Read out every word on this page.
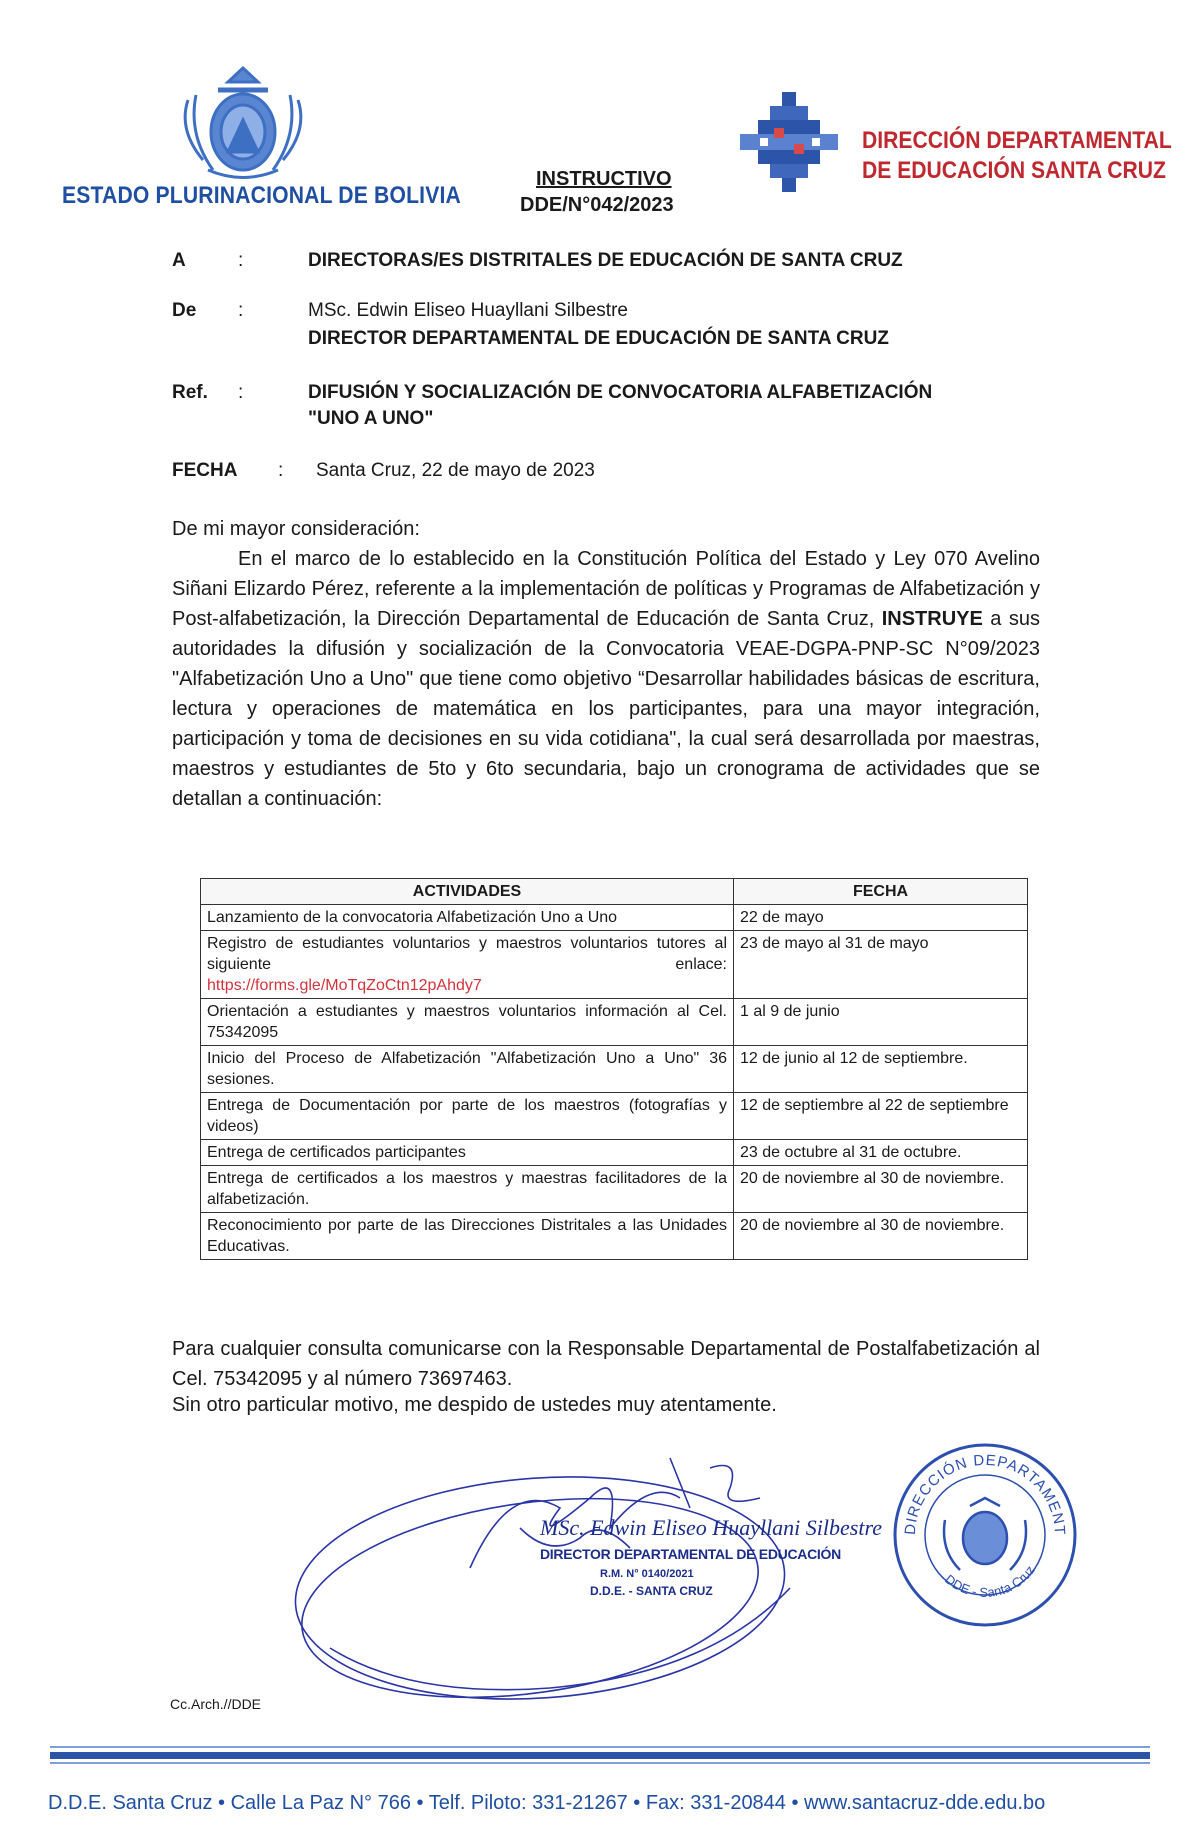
ESTADO PLURINACIONAL DE BOLIVIA
INSTRUCTIVO
DDE/N°042/2023
DIRECCIÓN DEPARTAMENTAL
DE EDUCACIÓN SANTA CRUZ
A	:	DIRECTORAS/ES DISTRITALES DE EDUCACIÓN DE SANTA CRUZ
De :	MSc. Edwin Eliseo Huayllani Silbestre
DIRECTOR DEPARTAMENTAL DE EDUCACIÓN DE SANTA CRUZ
Ref. :	DIFUSIÓN Y SOCIALIZACIÓN DE CONVOCATORIA ALFABETIZACIÓN
"UNO A UNO"
FECHA : Santa Cruz, 22 de mayo de 2023
De mi mayor consideración:
En el marco de lo establecido en la Constitución Política del Estado y Ley 070 Avelino Siñani Elizardo Pérez, referente a la implementación de políticas y Programas de Alfabetización y Post-alfabetización, la Dirección Departamental de Educación de Santa Cruz, INSTRUYE a sus autoridades la difusión y socialización de la Convocatoria VEAE-DGPA-PNP-SC N°09/2023 "Alfabetización Uno a Uno" que tiene como objetivo “Desarrollar habilidades básicas de escritura, lectura y operaciones de matemática en los participantes, para una mayor integración, participación y toma de decisiones en su vida cotidiana", la cual será desarrollada por maestras, maestros y estudiantes de 5to y 6to secundaria, bajo un cronograma de actividades que se detallan a continuación:
ACTIVIDADES	FECHA
Lanzamiento de la convocatoria Alfabetización Uno a Uno	22 de mayo

Registro de estudiantes voluntarios y maestros voluntarios tutores al siguiente enlace:
https://forms.gle/MoTqZoCtn12pAhdy7	23 de mayo al 31 de mayo
Orientación a estudiantes y maestros voluntarios información al Cel. 75342095	1 al 9 de junio
Inicio del Proceso de Alfabetización "Alfabetización Uno a Uno" 36 sesiones.	12 de junio al 12 de septiembre.
Entrega de Documentación por parte de los maestros (fotografías y videos)	12 de septiembre al 22 de septiembre
Entrega de certificados participantes	23 de octubre al 31 de octubre.
Entrega de certificados a los maestros y maestras facilitadores de la alfabetización.	20 de noviembre al 30 de noviembre.
Reconocimiento por parte de las Direcciones Distritales a las Unidades Educativas.	20 de noviembre al 30 de noviembre.
Para cualquier consulta comunicarse con la Responsable Departamental de Postalfabetización al Cel. 75342095 y al número 73697463.
Sin otro particular motivo, me despido de ustedes muy atentamente.
MSc. Edwin Eliseo Huayllani Silbestre
DIRECTOR DEPARTAMENTAL DE EDUCACIÓN
R.M. N° 0140/2021
D.D.E. - SANTA CRUZ
DIRECCIÓN DEPARTAMENT
DDE - Santa Cruz
Cc.Arch.//DDE
D.D.E. Santa Cruz • Calle La Paz N° 766 • Telf. Piloto: 331-21267 • Fax: 331-20844 • www.santacruz-dde.edu.bo
